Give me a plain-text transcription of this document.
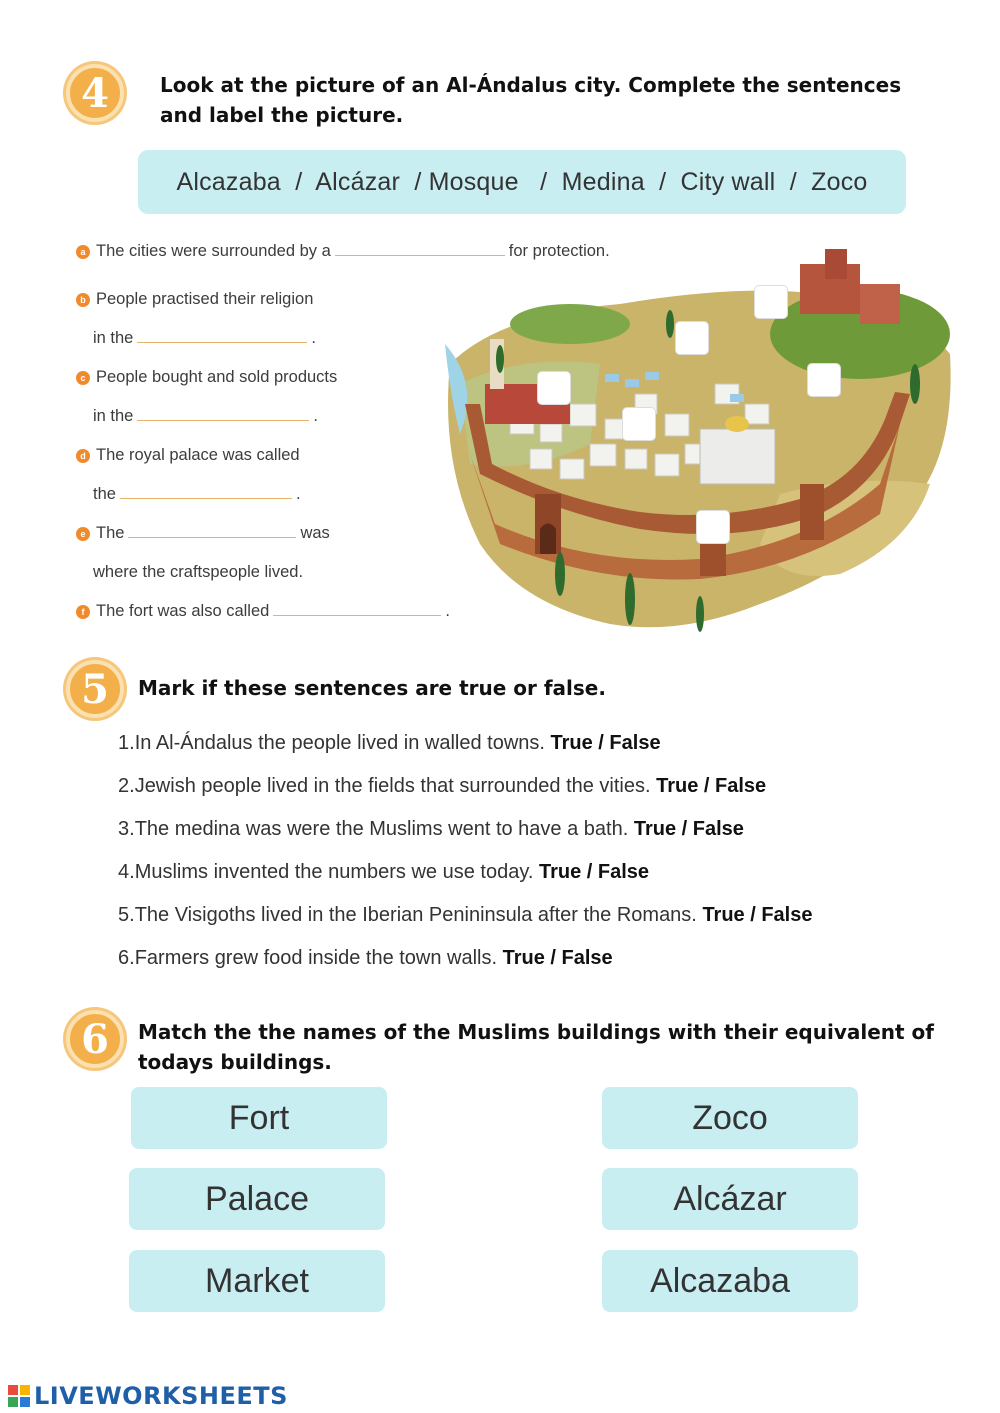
4	Look at the picture of an Al-Ándalus city. Complete the sentences
and label the picture.
Alcazaba  /  Alcázar  / Mosque   /  Medina  /  City wall  /  Zoco
a The cities were surrounded by a	for protection.
b People practised their religion
in the	.
c People bought and sold products
in the	.
d The royal palace was called
the	.
e The	was
where the craftspeople lived.
f The fort was also called	.
5 Mark if these sentences are true or false.
1.In Al-Ándalus the people lived in walled towns. True / False
2.Jewish people lived in the fields that surrounded the vities. True / False
3.The medina was were the Muslims went to have a bath. True / False
4.Muslims invented the numbers we use today. True / False
5.The Visigoths lived in the Iberian Penininsula after the Romans. True / False
6.Farmers grew food inside the town walls. True / False
6 Match the the names of the Muslims buildings with their equivalent of
todays buildings.
Fort
Palace
Market
Zoco
Alcázar
Alcazaba
LIVEWORKSHEETS
